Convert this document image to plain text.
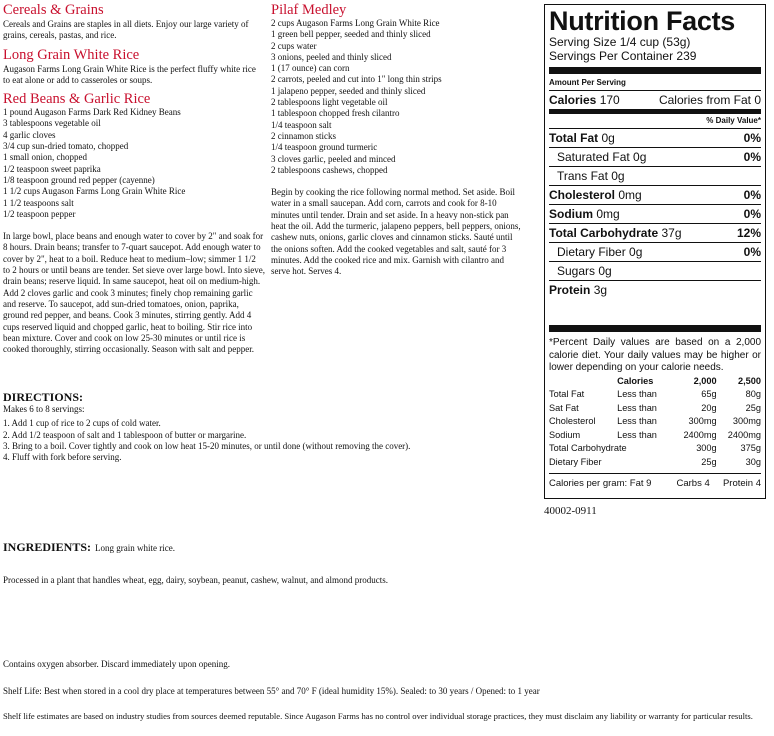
Cereals & Grains
Cereals and Grains are staples in all diets. Enjoy our large variety of grains, cereals, pastas, and rice.
Long Grain White Rice
Augason Farms Long Grain White Rice is the perfect fluffy white rice to eat alone or add to casseroles or soups.
Red Beans & Garlic Rice
1 pound Augason Farms Dark Red Kidney Beans
3 tablespoons vegetable oil
4 garlic cloves
3/4 cup sun-dried tomato, chopped
1 small onion, chopped
1/2 teaspoon sweet paprika
1/8 teaspoon ground red pepper (cayenne)
1 1/2 cups Augason Farms Long Grain White Rice
1 1/2 teaspoons salt
1/2 teaspoon pepper
In large bowl, place beans and enough water to cover by 2" and soak for 8 hours. Drain beans; transfer to 7-quart saucepot. Add enough water to cover by 2", heat to a boil. Reduce heat to medium–low; simmer 1 1/2 to 2 hours or until beans are tender. Set sieve over large bowl. Into sieve, drain beans; reserve liquid. In same saucepot, heat oil on medium-high. Add 2 cloves garlic and cook 3 minutes; finely chop remaining garlic and reserve. To saucepot, add sun-dried tomatoes, onion, paprika, ground red pepper, and beans. Cook 3 minutes, stirring gently. Add 4 cups reserved liquid and chopped garlic, heat to boiling. Stir rice into bean mixture. Cover and cook on low 25-30 minutes or until rice is cooked thoroughly, stirring occasionally. Season with salt and pepper.
Pilaf Medley
2 cups Augason Farms Long Grain White Rice
1 green bell pepper, seeded and thinly sliced
2 cups water
3 onions, peeled and thinly sliced
1 (17 ounce) can corn
2 carrots, peeled and cut into 1" long thin strips
1 jalapeno pepper, seeded and thinly sliced
2 tablespoons light vegetable oil
1 tablespoon chopped fresh cilantro
1/4 teaspoon salt
2 cinnamon sticks
1/4 teaspoon ground turmeric
3 cloves garlic, peeled and minced
2 tablespoons cashews, chopped
Begin by cooking the rice following normal method. Set aside. Boil water in a small saucepan. Add corn, carrots and cook for 8-10 minutes until tender. Drain and set aside. In a heavy non-stick pan heat the oil. Add the turmeric, jalapeno peppers, bell peppers, onions, cashew nuts, onions, garlic cloves and cinnamon sticks. Sauté until the onions soften. Add the cooked vegetables and salt, sauté for 3 minutes. Add the cooked rice and mix. Garnish with cilantro and serve hot. Serves 4.
Nutrition Facts
Serving Size 1/4 cup (53g)
Servings Per Container 239
Amount Per Serving
Calories 170	Calories from Fat 0
% Daily Value*
Total Fat 0g	0%
Saturated Fat 0g	0%
Trans Fat 0g
Cholesterol 0mg	0%
Sodium 0mg	0%
Total Carbohydrate 37g	12%
Dietary Fiber 0g	0%
Sugars 0g
Protein 3g
*Percent Daily values are based on a 2,000 calorie diet. Your daily values may be higher or lower depending on your calorie needs.
	Calories	2,000	2,500
Total Fat	Less than	65g	80g
Sat Fat	Less than	20g	25g
Cholesterol	Less than	300mg	300mg
Sodium	Less than	2400mg	2400mg
Total Carbohydrate		300g	375g
Dietary Fiber		25g	30g
Calories per gram: Fat 9	Carbs 4 Protein 4
40002-0911
DIRECTIONS:
Makes 6 to 8 servings:
1. Add 1 cup of rice to 2 cups of cold water.
2. Add 1/2 teaspoon of salt and 1 tablespoon of butter or margarine.
3. Bring to a boil. Cover tightly and cook on low heat 15-20 minutes, or until done (without removing the cover).
4. Fluff with fork before serving.
INGREDIENTS: Long grain white rice.
Processed in a plant that handles wheat, egg, dairy, soybean, peanut, cashew, walnut, and almond products.
Contains oxygen absorber. Discard immediately upon opening.
Shelf Life: Best when stored in a cool dry place at temperatures between 55° and 70° F (ideal humidity 15%). Sealed: to 30 years / Opened: to 1 year
Shelf life estimates are based on industry studies from sources deemed reputable. Since Augason Farms has no control over individual storage practices, they must disclaim any liability or warranty for particular results.
